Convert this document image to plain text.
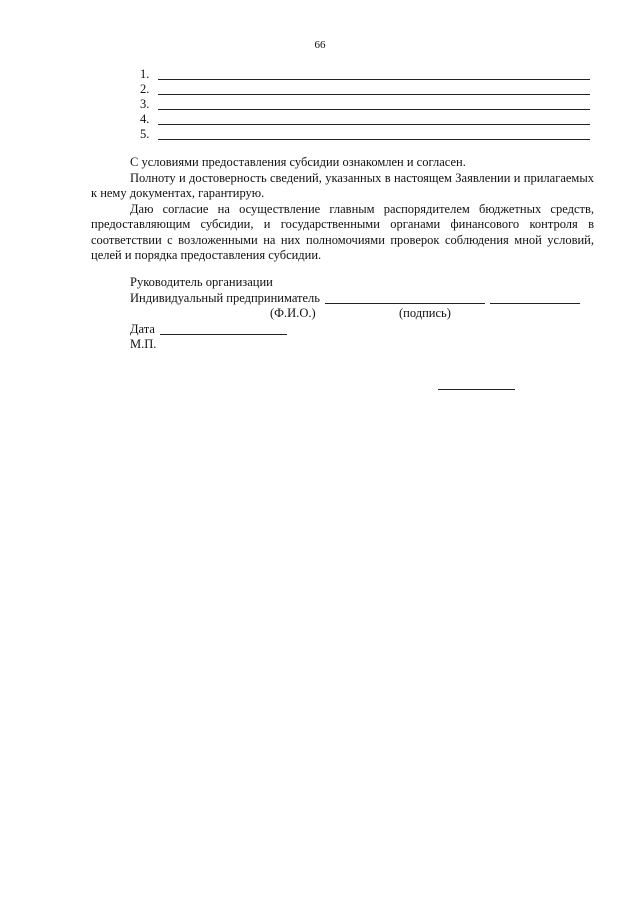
66
1.
2.
3.
4.
5.

С условиями предоставления субсидии ознакомлен и согласен.

Полноту и достоверность сведений, указанных в настоящем Заявлении и прилагаемых к нему документах, гарантирую.

Даю согласие на осуществление главным распорядителем бюджетных средств, предоставляющим субсидии, и государственными органами финансового контроля в соответствии с возложенными на них полномочиями проверок соблюдения мной условий, целей и порядка предоставления субсидии.

Руководитель организации
Индивидуальный предприниматель
(Ф.И.О.)	(подпись)
Дата
М.П.
